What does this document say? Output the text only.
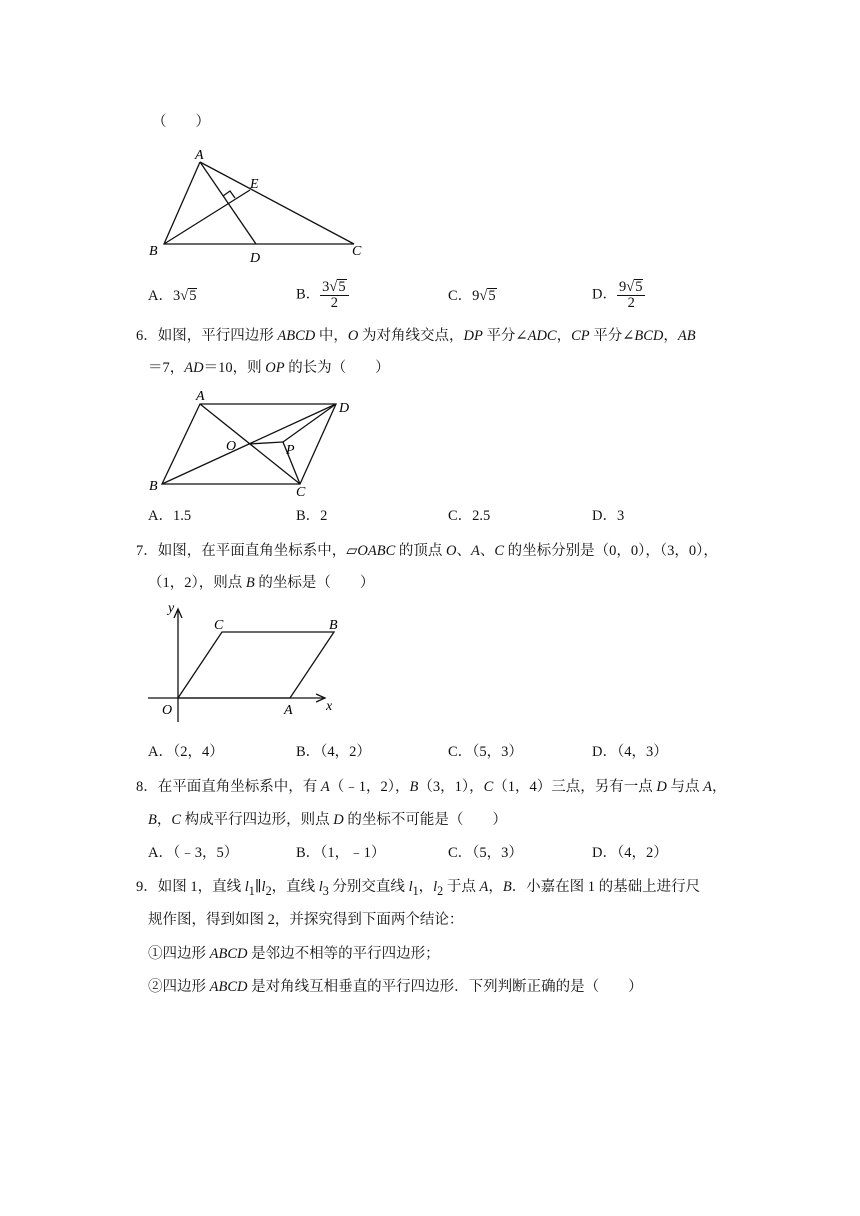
（　　）
A
E
B	D	C
A．3√5	B． $\frac{3√5}{2}$	C．9√5	D． $\frac{9√5}{2}$
6．如图，平行四边形 ABCD 中，O 为对角线交点，DP 平分∠ADC，CP 平分∠BCD，AB
＝7，AD＝10，则 OP 的长为（　　）
A
D
O	P
B	C
A．1.5	B．2	C．2.5	D．3
7．如图，在平面直角坐标系中，▱OABC 的顶点 O、A、C 的坐标分别是（0，0），（3，0），
（1，2），则点 B 的坐标是（　　）
y
x
O	A
C	B
A．（2，4）	B．（4，2）	C．（5，3）	D．（4，3）
8．在平面直角坐标系中，有 A（﹣1，2），B（3，1），C（1，4）三点，另有一点 D 与点 A，
B，C 构成平行四边形，则点 D 的坐标不可能是（　　）
A．（﹣3，5）	B．（1，﹣1）	C．（5，3）	D．（4，2）
9．如图 1，直线 $l_1\parallel l_2$，直线 $l_3$ 分别交直线 $l_1$，$l_2$ 于点 A，B．小嘉在图 1 的基础上进行尺
规作图，得到如图 2，并探究得到下面两个结论：
①四边形 ABCD 是邻边不相等的平行四边形；
②四边形 ABCD 是对角线互相垂直的平行四边形．下列判断正确的是（　　）
